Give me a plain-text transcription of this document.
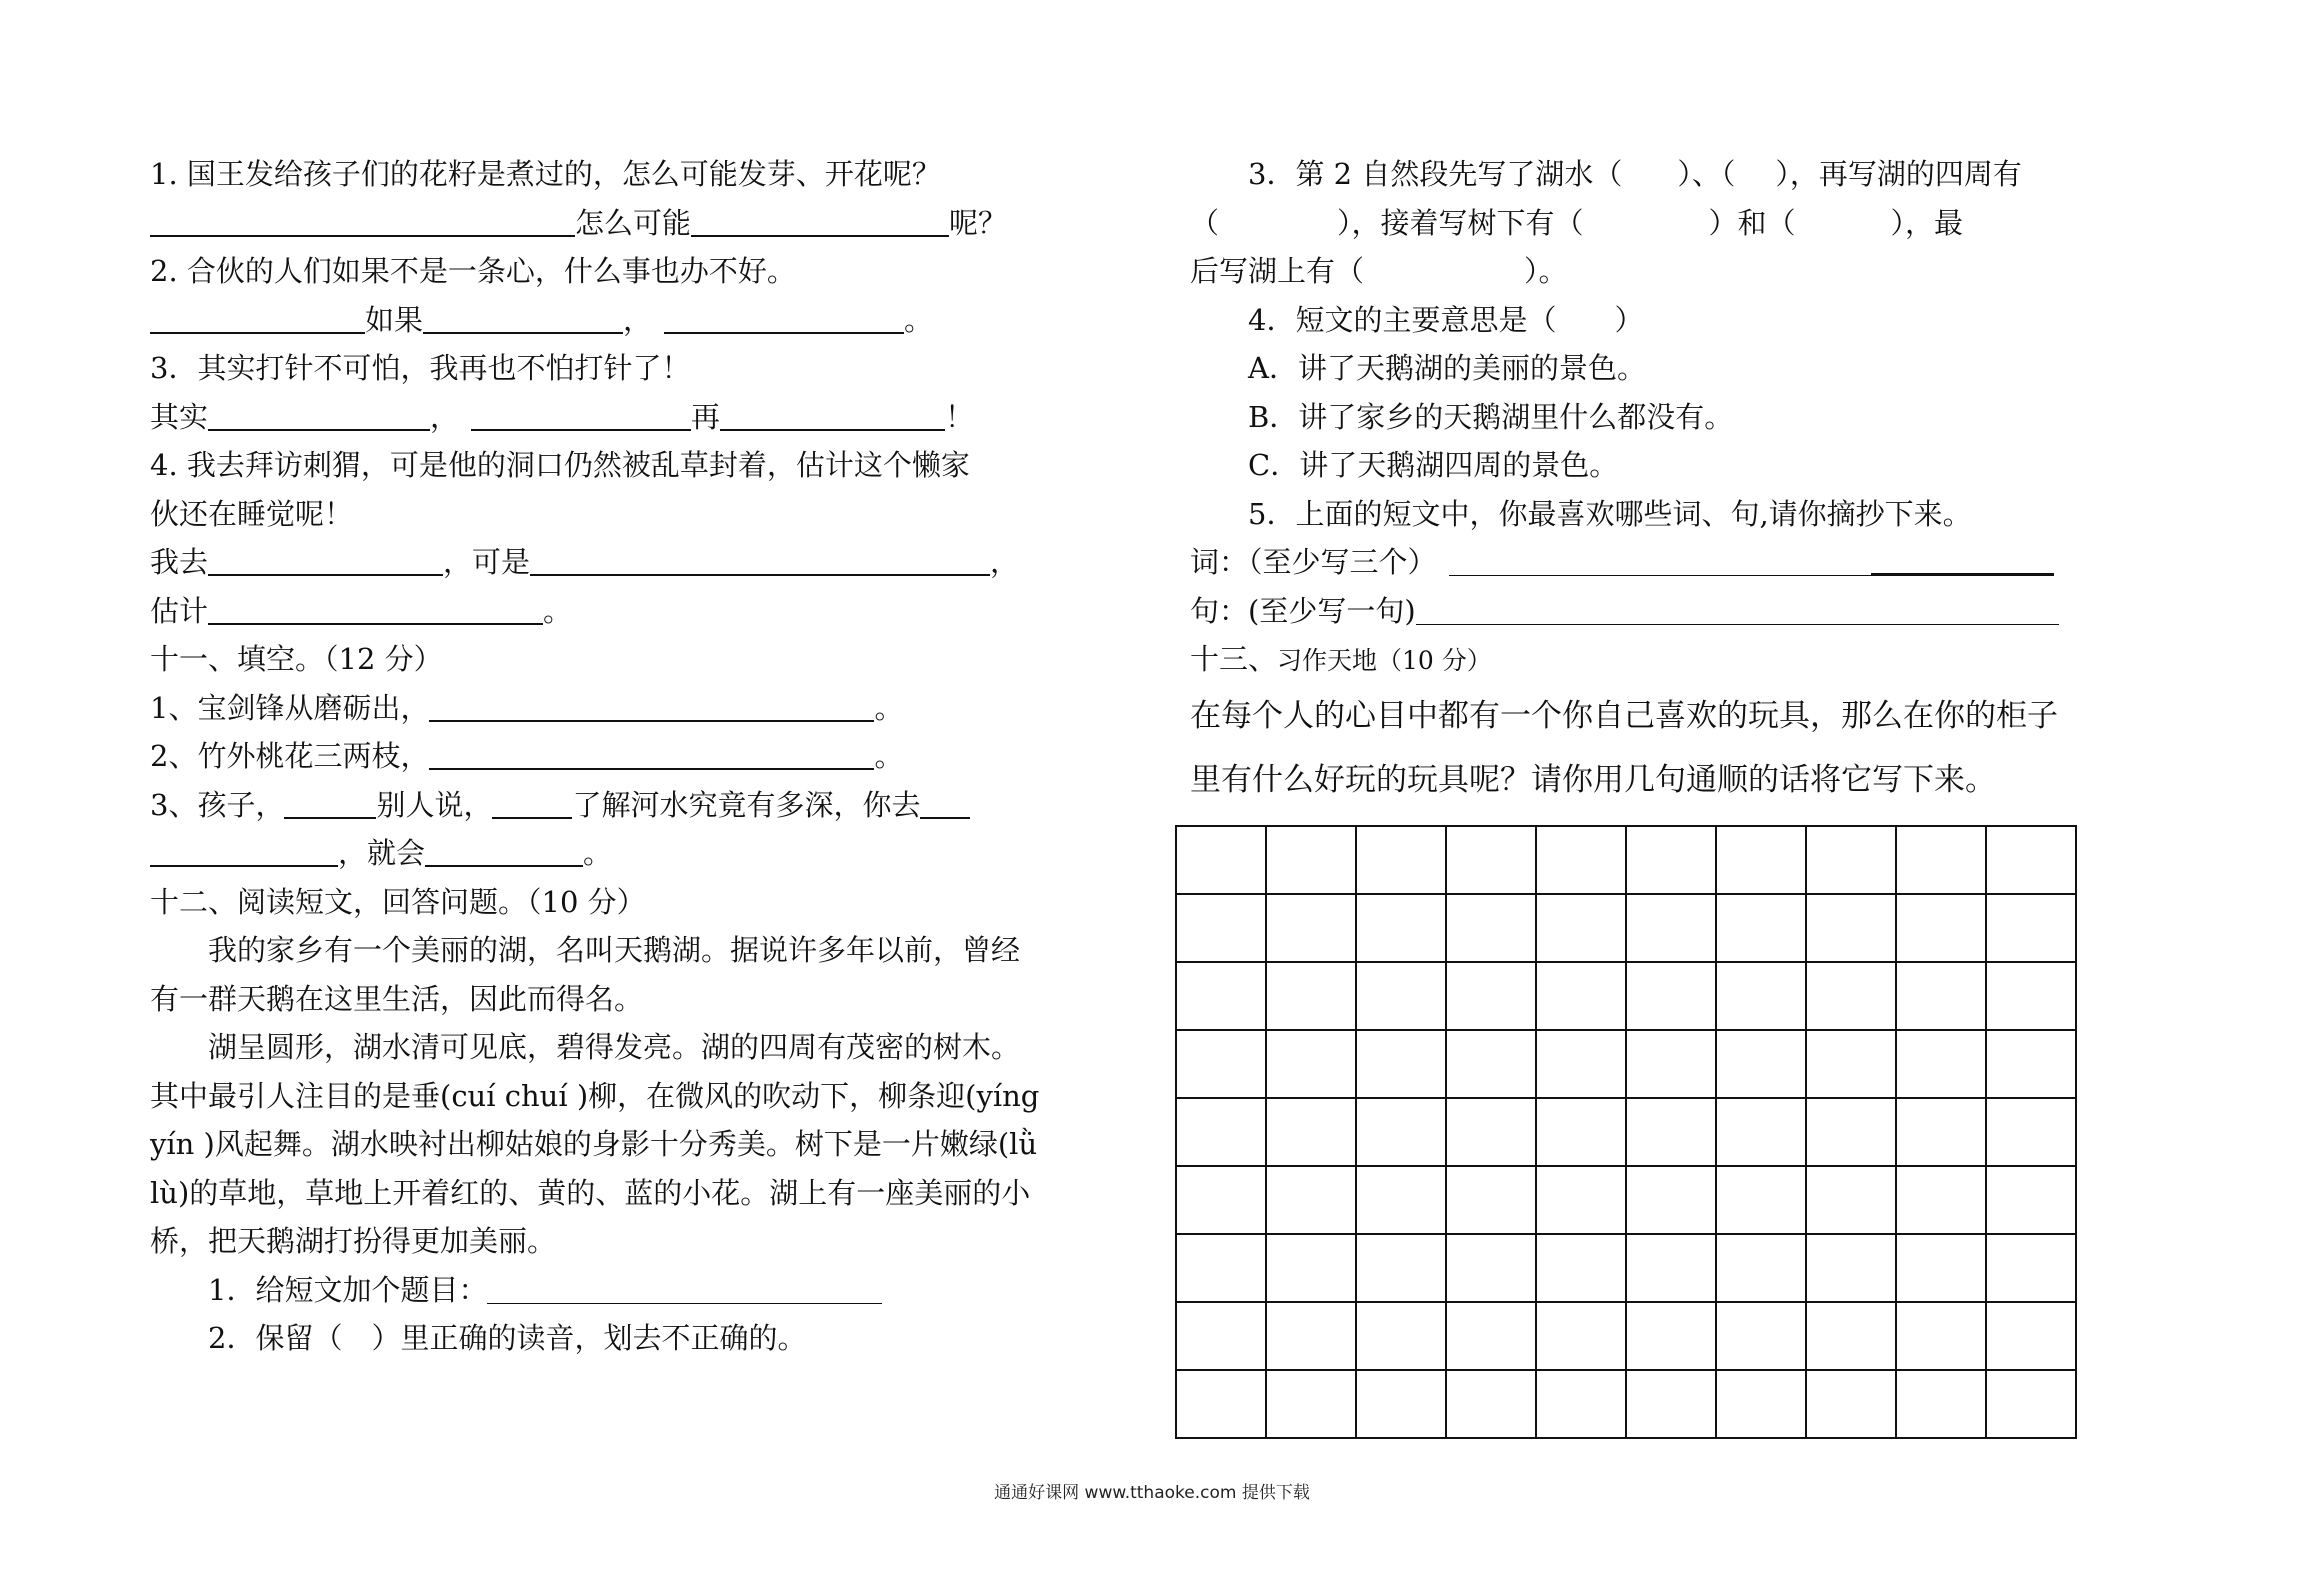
1. 国王发给孩子们的花籽是煮过的，怎么可能发芽、开花呢？
怎么可能	呢？
2. 合伙的人们如果不是一条心，什么事也办不好。
如果	，	。
3．其实打针不可怕，我再也不怕打针了！
其实	，	再	！
4. 我去拜访刺猬，可是他的洞口仍然被乱草封着，估计这个懒家
伙还在睡觉呢！
我去	，可是	，
估计	。
十一、填空。（12 分）
1、宝剑锋从磨砺出，	。
2、竹外桃花三两枝，	。
3、孩子，	别人说，	了解河水究竟有多深，你去
，就会	。
十二、阅读短文，回答问题。（10 分）
我的家乡有一个美丽的湖，名叫天鹅湖。据说许多年以前，曾经
有一群天鹅在这里生活，因此而得名。
湖呈圆形，湖水清可见底，碧得发亮。湖的四周有茂密的树木。
其中最引人注目的是垂(cuí chuí )柳，在微风的吹动下，柳条迎(yíng
yín )风起舞。湖水映衬出柳姑娘的身影十分秀美。树下是一片嫩绿(lǜ
lù)的草地，草地上开着红的、黄的、蓝的小花。湖上有一座美丽的小
桥，把天鹅湖打扮得更加美丽。
1．给短文加个题目：
2．保留（　）里正确的读音，划去不正确的。
3．第 2 自然段先写了湖水（ ）、（ ），再写湖的四周有
（	），接着写树下有（	）和（	），最
后写湖上有（	）。
4．短文的主要意思是（　　）
A．讲了天鹅湖的美丽的景色。
B．讲了家乡的天鹅湖里什么都没有。
C．讲了天鹅湖四周的景色。
5．上面的短文中，你最喜欢哪些词、句,请你摘抄下来。
词：（至少写三个）
句：(至少写一句)
十三、习作天地（10 分）
在每个人的心目中都有一个你自己喜欢的玩具，那么在你的柜子
里有什么好玩的玩具呢？请你用几句通顺的话将它写下来。

通通好课网 www.tthaoke.com 提供下载
